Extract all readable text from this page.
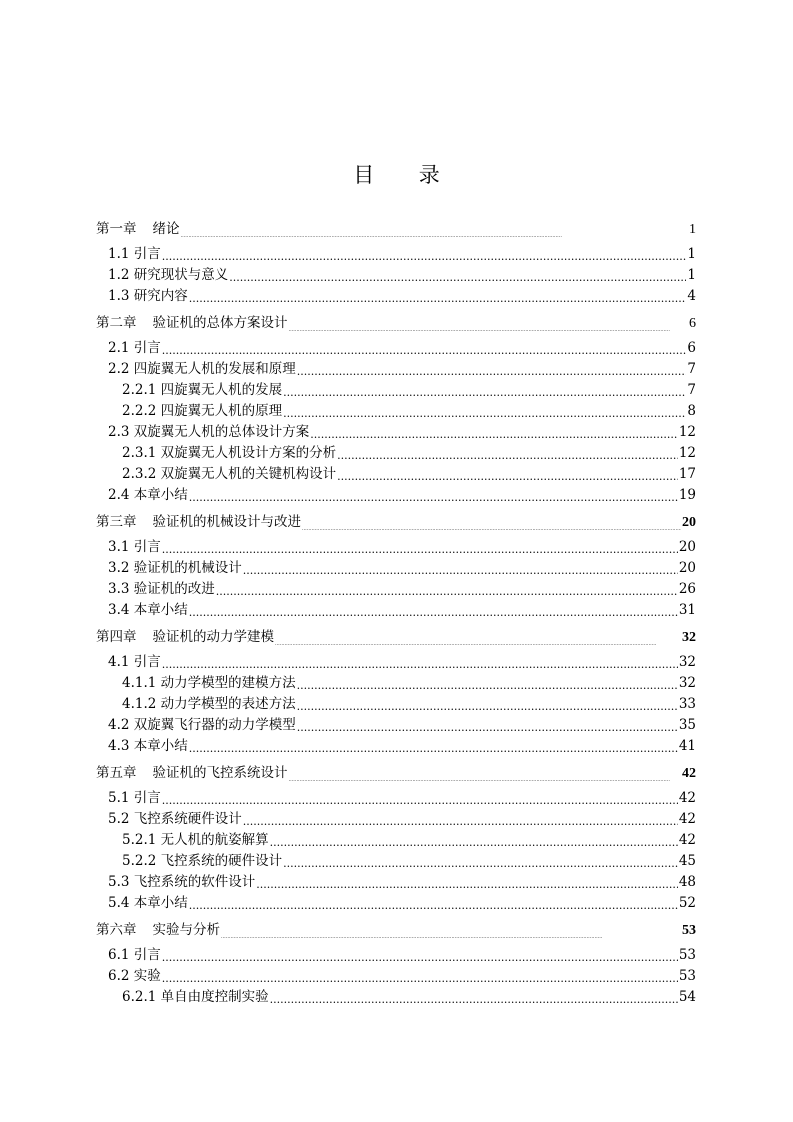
目 录
第一章 绪论 .....	1
1.1 引言 .....	1
1.2 研究现状与意义 .....	1
1.3 研究内容 .....	4
第二章 验证机的总体方案设计 .....	6
2.1 引言 .....	6
2.2 四旋翼无人机的发展和原理 .....	7
2.2.1 四旋翼无人机的发展 .....	7
2.2.2 四旋翼无人机的原理 .....	8
2.3 双旋翼无人机的总体设计方案 .....	12
2.3.1 双旋翼无人机设计方案的分析 .....	12
2.3.2 双旋翼无人机的关键机构设计 .....	17
2.4 本章小结 .....	19
第三章 验证机的机械设计与改进 .....	20
3.1 引言 .....	20
3.2 验证机的机械设计 .....	20
3.3 验证机的改进 .....	26
3.4 本章小结 .....	31
第四章 验证机的动力学建模 .....	32
4.1 引言 .....	32
4.1.1 动力学模型的建模方法 .....	32
4.1.2 动力学模型的表述方法 .....	33
4.2 双旋翼飞行器的动力学模型 .....	35
4.3 本章小结 .....	41
第五章 验证机的飞控系统设计 .....	42
5.1 引言 .....	42
5.2 飞控系统硬件设计 .....	42
5.2.1 无人机的航姿解算 .....	42
5.2.2 飞控系统的硬件设计 .....	45
5.3 飞控系统的软件设计 .....	48
5.4 本章小结 .....	52
第六章 实验与分析 .....	53
6.1 引言 .....	53
6.2 实验 .....	53
6.2.1 单自由度控制实验 .....	54
